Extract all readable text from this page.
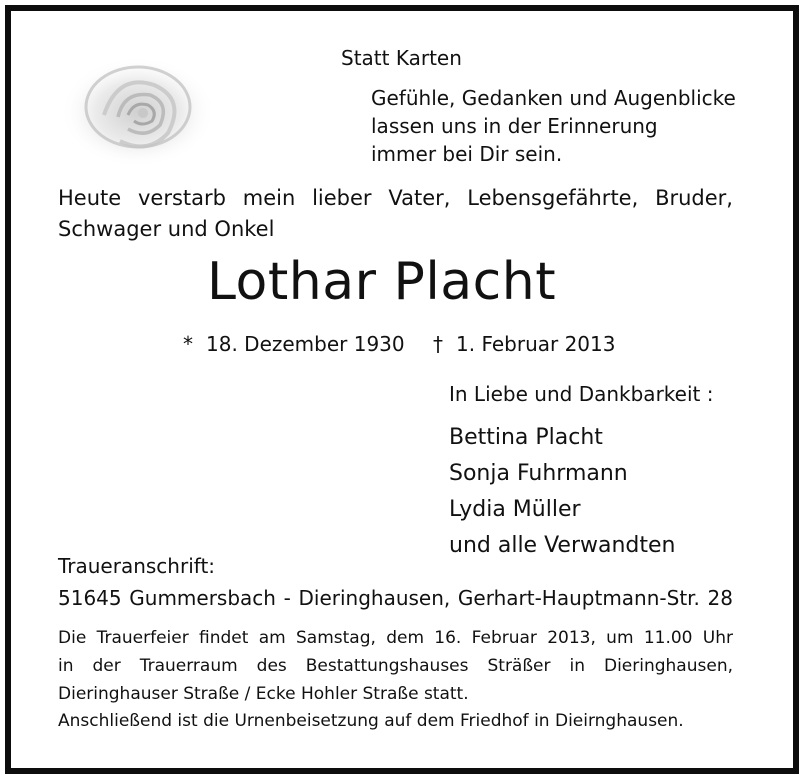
Statt Karten
Gefühle, Gedanken und Augenblicke
lassen uns in der Erinnerung
immer bei Dir sein.
Heute verstarb mein lieber Vater, Lebensgefährte, Bruder,
Schwager und Onkel
Lothar Placht
* 18. Dezember 1930 † 1. Februar 2013
In Liebe und Dankbarkeit :
Bettina Placht
Sonja Fuhrmann
Lydia Müller
und alle Verwandten
Traueranschrift:
51645 Gummersbach - Dieringhausen, Gerhart-Hauptmann-Str. 28
Die Trauerfeier findet am Samstag, dem 16. Februar 2013, um 11.00 Uhr
in der Trauerraum des Bestattungshauses Sträßer in Dieringhausen,
Dieringhauser Straße / Ecke Hohler Straße statt.
Anschließend ist die Urnenbeisetzung auf dem Friedhof in Dieirnghausen.
